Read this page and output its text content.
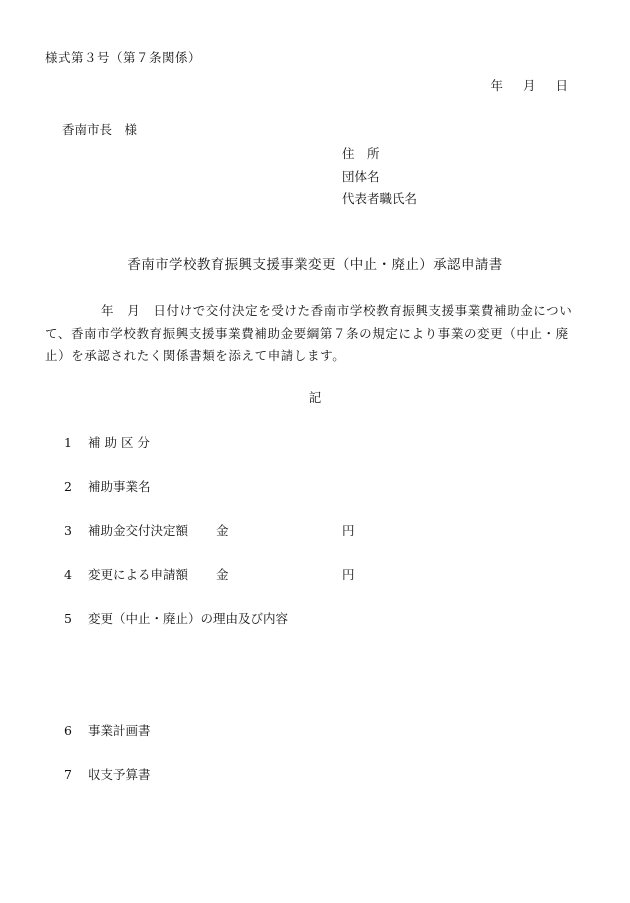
様式第３号（第７条関係）

年 月 日

香南市長　様

住　所

団体名

代表者職氏名

香南市学校教育振興支援事業変更（中止・廃止）承認申請書

年　月　日付けで交付決定を受けた香南市学校教育振興支援事業費補助金について、香南市学校教育振興支援事業費補助金要綱第７条の規定により事業の変更（中止・廃止）を承認されたく関係書類を添えて申請します。

記

1 補 助 区 分
2 補助事業名
3 補助金交付決定額 金	円
4 変更による申請額 金	円
5 変更（中止・廃止）の理由及び内容
6 事業計画書
7 収支予算書
